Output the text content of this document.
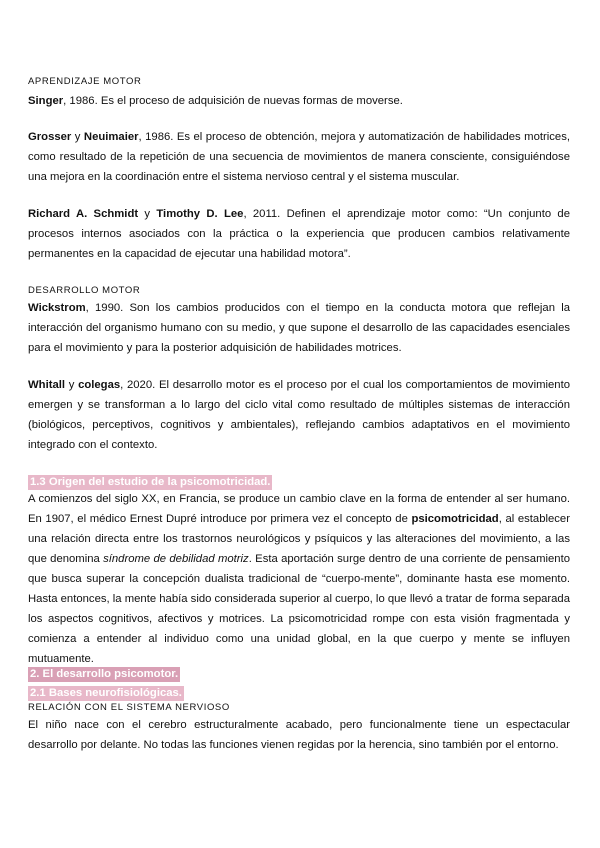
APRENDIZAJE MOTOR

Singer, 1986. Es el proceso de adquisición de nuevas formas de moverse.

Grosser y Neuimaier, 1986. Es el proceso de obtención, mejora y automatización de habilidades motrices, como resultado de la repetición de una secuencia de movimientos de manera consciente, consiguiéndose una mejora en la coordinación entre el sistema nervioso central y el sistema muscular.

Richard A. Schmidt y Timothy D. Lee, 2011. Definen el aprendizaje motor como: “Un conjunto de procesos internos asociados con la práctica o la experiencia que producen cambios relativamente permanentes en la capacidad de ejecutar una habilidad motora”.

DESARROLLO MOTOR

Wickstrom, 1990. Son los cambios producidos con el tiempo en la conducta motora que reflejan la interacción del organismo humano con su medio, y que supone el desarrollo de las capacidades esenciales para el movimiento y para la posterior adquisición de habilidades motrices.

Whitall y colegas, 2020. El desarrollo motor es el proceso por el cual los comportamientos de movimiento emergen y se transforman a lo largo del ciclo vital como resultado de múltiples sistemas de interacción (biológicos, perceptivos, cognitivos y ambientales), reflejando cambios adaptativos en el movimiento integrado con el contexto.

1.3 Origen del estudio de la psicomotricidad.

A comienzos del siglo XX, en Francia, se produce un cambio clave en la forma de entender al ser humano. En 1907, el médico Ernest Dupré introduce por primera vez el concepto de psicomotricidad, al establecer una relación directa entre los trastornos neurológicos y psíquicos y las alteraciones del movimiento, a las que denomina síndrome de debilidad motriz. Esta aportación surge dentro de una corriente de pensamiento que busca superar la concepción dualista tradicional de “cuerpo-mente”, dominante hasta ese momento. Hasta entonces, la mente había sido considerada superior al cuerpo, lo que llevó a tratar de forma separada los aspectos cognitivos, afectivos y motrices. La psicomotricidad rompe con esta visión fragmentada y comienza a entender al individuo como una unidad global, en la que cuerpo y mente se influyen mutuamente.

2. El desarrollo psicomotor.
2.1 Bases neurofisiológicas.
RELACIÓN CON EL SISTEMA NERVIOSO

El niño nace con el cerebro estructuralmente acabado, pero funcionalmente tiene un espectacular desarrollo por delante. No todas las funciones vienen regidas por la herencia, sino también por el entorno.
